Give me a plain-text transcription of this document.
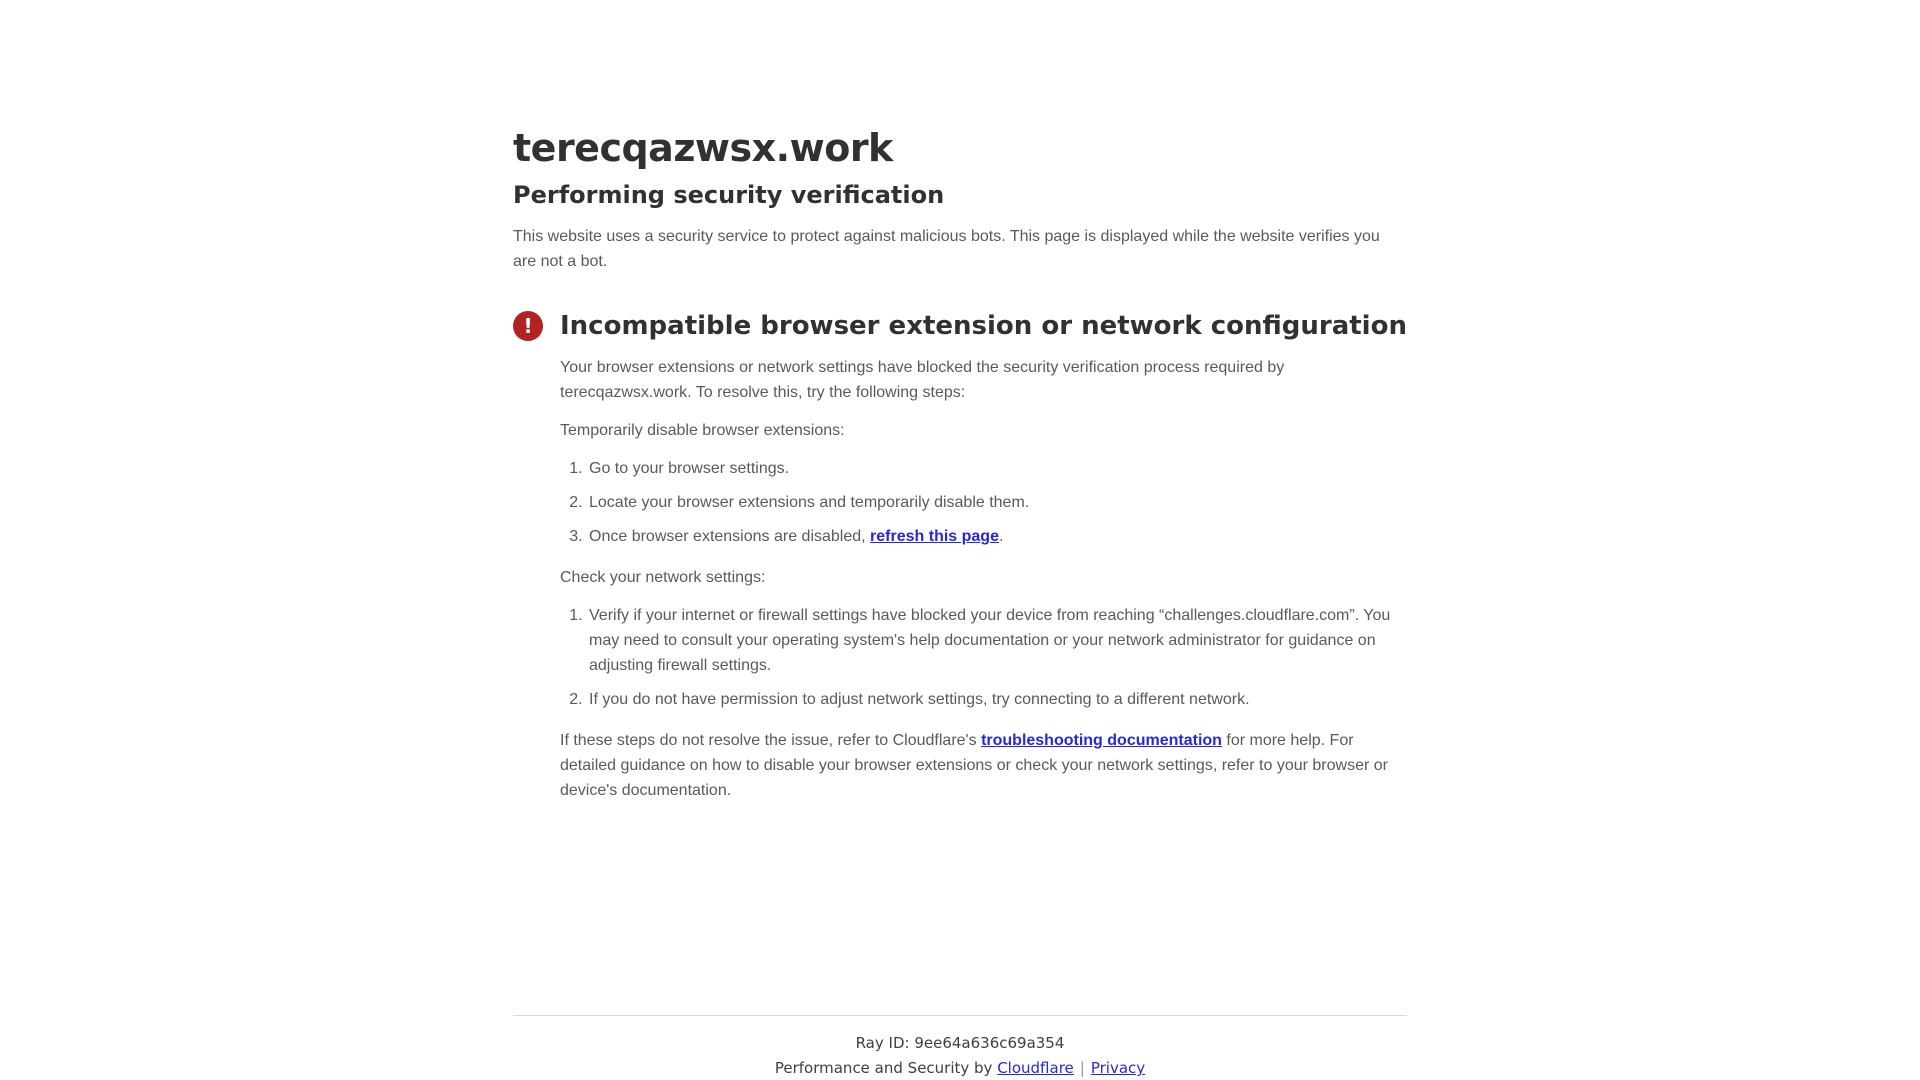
terecqazwsx.work
Performing security verification

This website uses a security service to protect against malicious bots. This page is displayed while the website verifies you are not a bot.

!	Incompatible browser extension or network configuration

Your browser extensions or network settings have blocked the security verification process required by terecqazwsx.work. To resolve this, try the following steps:

Temporarily disable browser extensions:

1. Go to your browser settings.
2. Locate your browser extensions and temporarily disable them.
3. Once browser extensions are disabled, refresh this page.

Check your network settings:

1. Verify if your internet or firewall settings have blocked your device from reaching “challenges.cloudflare.com”. You may need to consult your operating system's help documentation or your network administrator for guidance on adjusting firewall settings.
2. If you do not have permission to adjust network settings, try connecting to a different network.

If these steps do not resolve the issue, refer to Cloudflare's troubleshooting documentation for more help. For detailed guidance on how to disable your browser extensions or check your network settings, refer to your browser or device's documentation.

Ray ID: 9ee64a636c69a354
Performance and Security by Cloudflare | Privacy
